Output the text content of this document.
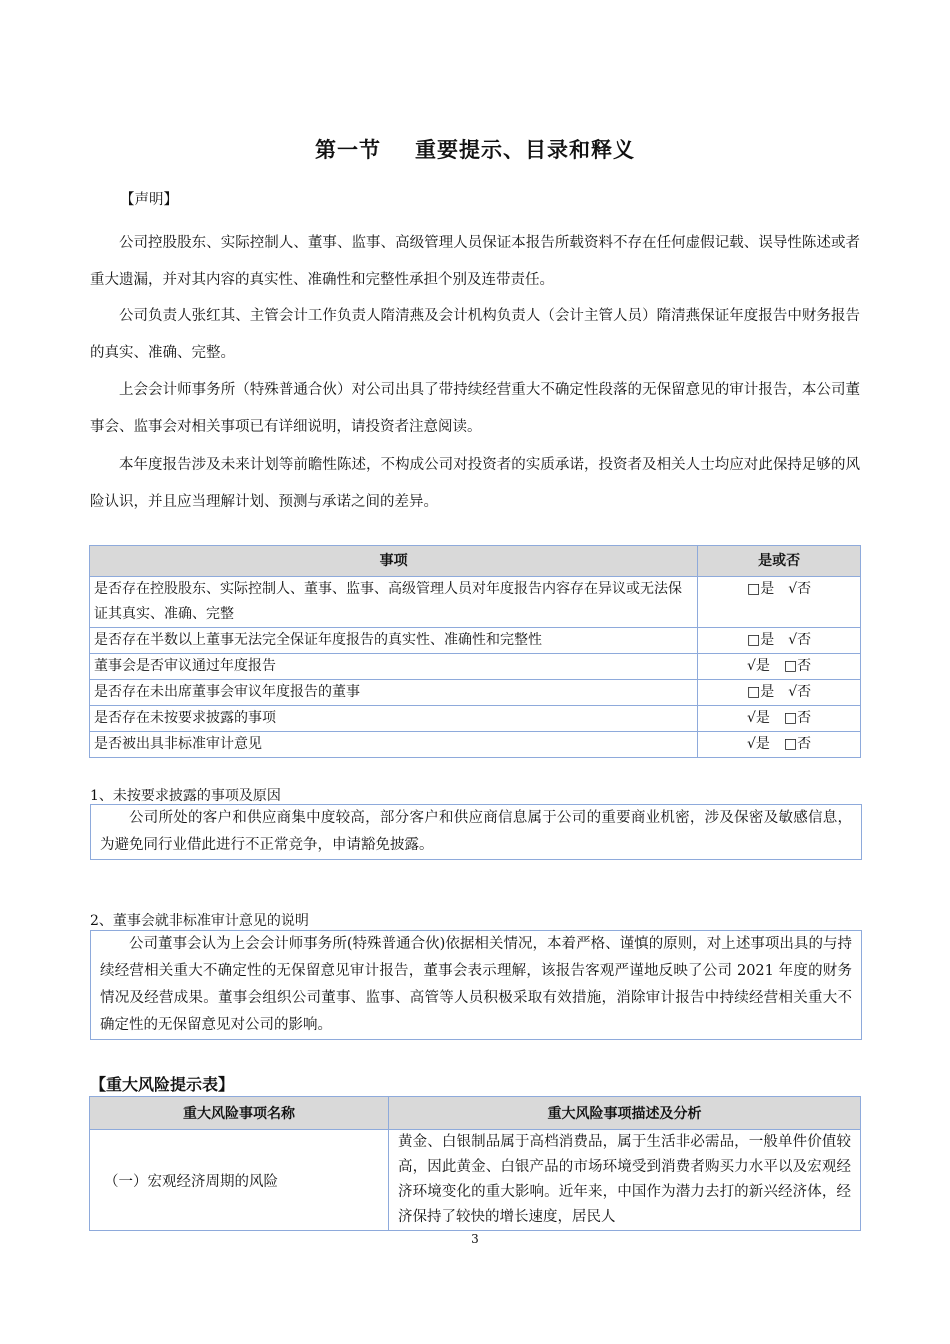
第一节 重要提示、目录和释义
【声明】

公司控股股东、实际控制人、董事、监事、高级管理人员保证本报告所载资料不存在任何虚假记载、误导性陈述或者重大遗漏，并对其内容的真实性、准确性和完整性承担个别及连带责任。

公司负责人张红其、主管会计工作负责人隋清燕及会计机构负责人（会计主管人员）隋清燕保证年度报告中财务报告的真实、准确、完整。

上会会计师事务所（特殊普通合伙）对公司出具了带持续经营重大不确定性段落的无保留意见的审计报告，本公司董事会、监事会对相关事项已有详细说明，请投资者注意阅读。

本年度报告涉及未来计划等前瞻性陈述，不构成公司对投资者的实质承诺，投资者及相关人士均应对此保持足够的风险认识，并且应当理解计划、预测与承诺之间的差异。

事项	是或否
是否存在控股股东、实际控制人、董事、监事、高级管理人员对年度报告内容存在异议或无法保证其真实、准确、完整	□是　√否
是否存在半数以上董事无法完全保证年度报告的真实性、准确性和完整性	□是　√否
董事会是否审议通过年度报告	√是　□否
是否存在未出席董事会审议年度报告的董事	□是　√否
是否存在未按要求披露的事项	√是　□否
是否被出具非标准审计意见	√是　□否
1、未按要求披露的事项及原因
公司所处的客户和供应商集中度较高，部分客户和供应商信息属于公司的重要商业机密，涉及保密及敏感信息，为避免同行业借此进行不正常竞争，申请豁免披露。
2、董事会就非标准审计意见的说明
公司董事会认为上会会计师事务所(特殊普通合伙)依据相关情况，本着严格、谨慎的原则，对上述事项出具的与持续经营相关重大不确定性的无保留意见审计报告，董事会表示理解，该报告客观严谨地反映了公司 2021 年度的财务情况及经营成果。董事会组织公司董事、监事、高管等人员积极采取有效措施，消除审计报告中持续经营相关重大不确定性的无保留意见对公司的影响。
【重大风险提示表】
重大风险事项名称	重大风险事项描述及分析
（一）宏观经济周期的风险	黄金、白银制品属于高档消费品，属于生活非必需品，一般单件价值较高，因此黄金、白银产品的市场环境受到消费者购买力水平以及宏观经济环境变化的重大影响。近年来，中国作为潜力去打的新兴经济体，经济保持了较快的增长速度，居民人
3
